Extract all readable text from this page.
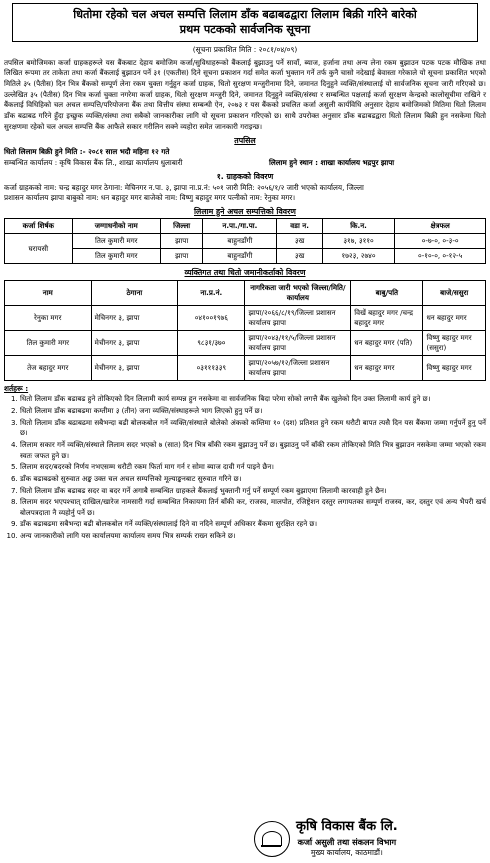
धितोमा रहेको चल अचल सम्पत्ति लिलाम डाँक बढाबढद्वारा लिलाम बिक्री गरिने बारेको
प्रथम पटकको सार्वजनिक सूचना
(सूचना प्रकाशित मिति : २०८१/०४/०९)
तपसिल बमोजिमका कर्जा ग्राहकहरूले यस बैंकबाट देहाय बमोजिम कर्जा/सुविधाहरूको बैंकलाई बुझाउनु पर्ने सावाँ, ब्याज, हर्जाना तथा अन्य लेना रकम बुझाउन पटक पटक मौखिक तथा लिखित रूपमा तर ताकेता तथा कर्जा बैंकलाई बुझाउन पर्ने ३१ (एकतीस) दिने सूचना प्रकाशन गर्दा समेत कर्जा भुक्तान गर्ने तर्फ कुनै चासो नदेखाई बेवास्ता गरेकाले यो सूचना प्रकाशित भएको मितिले ३५ (पैतीस) दिन भित्र बैंकको सम्पूर्ण लेना रकम चुक्ता गर्नुहुन कर्जा ग्राहक, धितो सुरक्षण मन्जुरीनामा दिने, जमानत दिनुहुने व्यक्ति/संस्थालाई यो सार्वजनिक सूचना जारी गरिएको छ। उल्लेखित ३५ (पैतीस) दिन भित्र कर्जा चुक्ता नगरेमा कर्जा ग्राहक, धितो सुरक्षण मन्जुरी दिने, जमानत दिनुहुने व्यक्ति/संस्था र सम्बन्धित पक्षलाई कर्जा सुरक्षण केन्द्रको कालोसूचीमा राखिने र बैंकलाई विधिहिको चल अचल सम्पत्ति/परियोजना बैंक तथा वित्तीय संस्था सम्बन्धी ऐन, २०७३ र यस बैंकको प्रचलित कर्जा असुली कार्यविधि अनुसार देहाय बमोजिमको मितिमा धितो लिलाम डाँक बढाबढ गरिने हुँदा इच्छुक व्यक्ति/संस्था तथा सबैको जानकारीका लागि यो सूचना प्रकाशन गरिएको छ। साथै उपरोक्त अनुसार डाँक बढाबढद्वारा धितो लिलाम बिक्री हुन नसकेमा धितो सुरक्षणमा रहेको चल अचल सम्पत्ति बैंक आफैले सकार गरीलिन सक्ने व्यहोरा समेत जानकारी गराइन्छ।
तपसिल
धितो लिलाम बिक्री हुने मिति :- २०८१ साल भदौ महिना १२ गते
सम्बन्धित कार्यालय : कृषि विकास बैंक लि., शाखा कार्यालय धुलाबारी	लिलाम हुने स्थान : शाखा कार्यालय भद्रपुर झापा
१. ग्राहकको विवरण
कर्जा ग्राहकको नाम: चन्द्र बहादुर मगर ठेगाना: मेचिनगर न.पा. ३, झापा ना.प्र.नं: ५०१ जारी मिति: २०५६/१/२ जारी भएको कार्यालय, जिल्ला
प्रशासन कार्यालय झापा बाबुको नाम: धन बहादुर मगर बाजेको नाम: विष्णु बहादुर मगर पत्नीको नाम: रेनुका मगर।
लिलाम हुने अचल सम्पत्तिको विवरण
कर्जा शिर्षक	जग्गाधनीको नाम	जिल्ला	न.पा./गा.पा.	वडा न.	कि.न.	क्षेत्रफल
घरायसी	तिल कुमारी मगर	झापा	बाहुनडाँगी	३ख	३१७, ३११०	०-७-०, ०-३-०
	तिल कुमारी मगर	झापा	बाहुनडाँगी	३ख	१७२३, २७४०	०-१०-०, ०-१२-५
व्यक्तिगत तथा धितो जमानीकर्ताको विवरण
नाम	ठेगाना	ना.प्र.नं.	नागरिकता जारी भएको जिल्ला/मिति/कार्यालय	बाबु/पति	बाजे/ससुरा
रेनुका मगर	मेचिनगर ३, झापा	०४१००१९७६	झापा/२०६६/८/१९/जिल्ला प्रशासन कार्यालय झापा	विखें बहादुर मगर /चन्द्र बहादुर मगर	धन बहादुर मगर
तिल कुमारी मगर	मेचीनगर ३, झापा	९८३१/३७०	झापा/२०४३/११/५/जिल्ला प्रशासन कार्यालय झापा	धन बहादुर मगर (पति)	विष्णु बहादुर मगर (ससुरा)
तेज बहादुर मगर	मेचीनगर ३, झापा	०३१११३३९	झापा/२०५७/१२/जिल्ला प्रशासन कार्यालय झापा	धन बहादुर मगर	विष्णु बहादुर मगर
शर्तहरू :
1. धितो लिलाम डाँक बढाबढ हुने तोकिएको दिन लिलामी कार्य सम्पन्न हुन नसकेमा वा सार्वजनिक बिदा परेमा सोको लगत्तै बैंक खुलेको दिन उक्त लिलामी कार्य हुने छ।
2. धितो लिलाम डाँक बढाबढमा कम्तीमा ३ (तीन) जना व्यक्ति/संस्थाहरूले भाग लिएको हुनु पर्ने छ।
3. धितो लिलाम डाँक बढाबढमा सबैभन्दा बढी बोलकबोल गर्ने व्यक्ति/संस्थाले बोलेको अंकको कम्तिमा १० (दश) प्रतिशत हुने रकम धरौटी बापत त्यसै दिन यस बैंकमा जम्मा गर्नुपर्ने हुनु पर्ने छ।
4. लिलाम सकार गर्ने व्यक्ति/संस्थाले लिलाम सदर भएको ७ (सात) दिन भित्र बाँकी रकम बुझाउनु पर्ने छ। बुझाउनु पर्ने बाँकी रकम तोकिएको मिति भित्र बुझाउन नसकेमा जम्मा भएको रकम स्वतः जफत हुने छ।
5. लिलाम सदर/बदरको निर्णय नभएसम्म धरौटी रकम फिर्ता माग गर्न र सोमा ब्याज दावी गर्न पाइने छैन।
6. डाँक बढाबढको सुरुवात अङ्क उक्त चल अचल सम्पत्तिको मूल्याङ्कनबाट सुरुवात गरिने छ।
7. धितो लिलाम डाँक बढाबढ सदर वा बदर गर्ने अगाबै सम्बन्धित ग्राहकले बैंकलाई भुक्तानी गर्नु पर्ने सम्पूर्ण रकम बुझाएमा लिलामी कारवाही हुने छैन।
8. लिलाम सदर भएपश्चात् दाखिल/खारेज नामसारी गर्दा सम्बन्धित निकायमा तिर्न बाँकी कर, राजस्व, मालपोत, रजिष्ट्रेशन दस्तुर लगायतका सम्पूर्ण राजस्व, कर, दस्तुर एवं अन्य भैपरी खर्च बोलपत्रदाता नै व्यहोर्नु पर्ने छ।
9. डाँक बढाबढमा सबैभन्दा बढी बोलकबोल गर्ने व्यक्ति/संस्थालाई दिने वा नदिने सम्पूर्ण अधिकार बैंकमा सुरक्षित रहने छ।
10. अन्य जानकारीको लागि यस कार्यालयमा कार्यालय समय भित्र सम्पर्क राख्न सकिने छ।
कृषि विकास बैंक लि.
कर्जा असुली तथा संकलन विभाग
मुख्य कार्यालय, काठमाडौं।
